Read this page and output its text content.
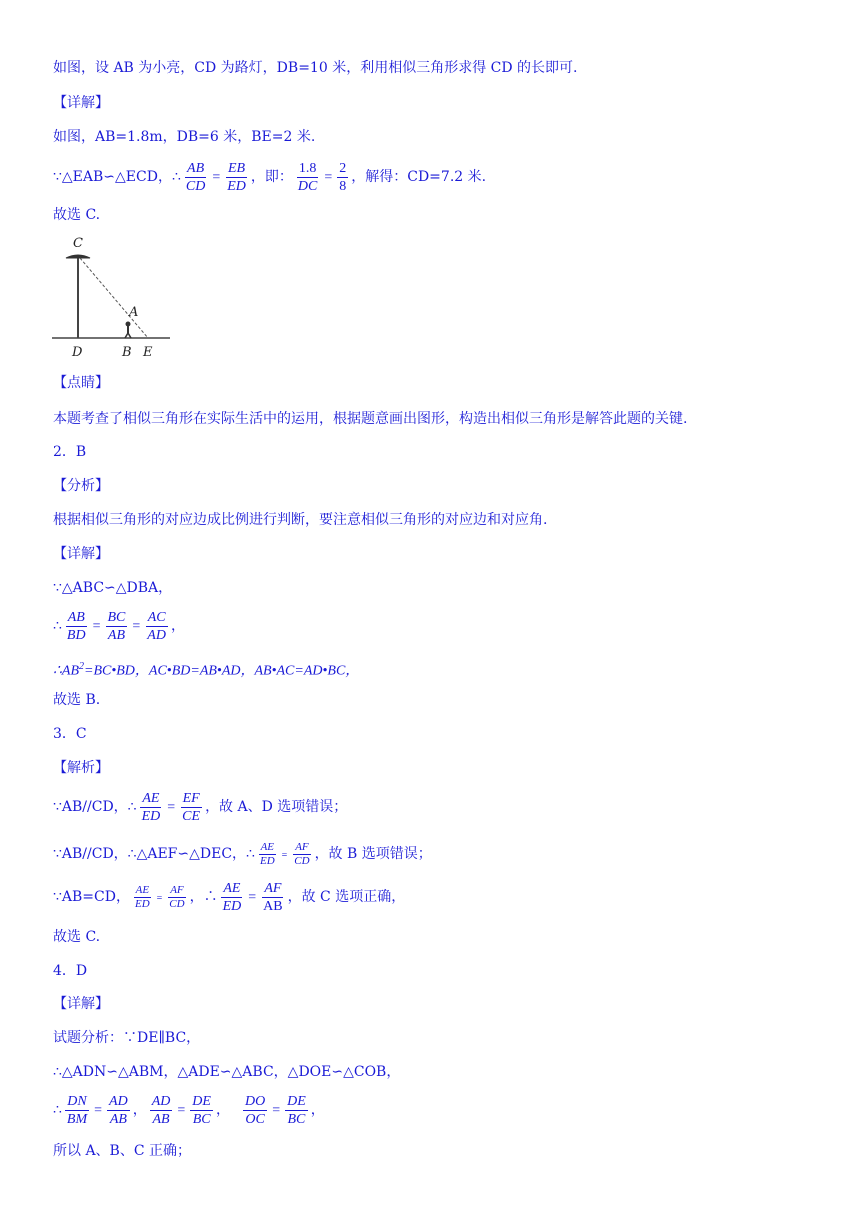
如图，设 AB 为小亮，CD 为路灯，DB=10 米，利用相似三角形求得 CD 的长即可.
【详解】
如图，AB=1.8m，DB=6 米，BE=2 米.
∵△EAB∽△ECD，∴ $\frac{AB}{CD} = \frac{EB}{ED}$ ，即： $\frac{1.8}{DC} = \frac{2}{8}$ ，解得：CD=7.2 米.
故选 C.
C
A
D	B E
【点睛】
本题考查了相似三角形在实际生活中的运用，根据题意画出图形，构造出相似三角形是解答此题的关键.
2．B
【分析】
根据相似三角形的对应边成比例进行判断，要注意相似三角形的对应边和对应角.
【详解】
∵△ABC∽△DBA，
∴ $\frac{AB}{BD} = \frac{BC}{AB} = \frac{AC}{AD}$ ，
$\therefore AB^2=BC•BD$，AC•BD=AB•AD，AB•AC=AD•BC，
故选 B.
3．C
【解析】
∵AB//CD，∴ $\frac{AE}{ED} = \frac{EF}{CE}$ ，故 A、D 选项错误；
∵AB//CD，∴△AEF∽△DEC，∴ $\frac{AE}{ED} = \frac{AF}{CD}$ ，故 B 选项错误；
∵AB=CD， $\frac{AE}{ED} = \frac{AF}{CD}$ ，∴ $\frac{AE}{ED} = \frac{AF}{AB}$ ，故 C 选项正确，
故选 C.
4．D
【详解】
试题分析：∵DE∥BC，
∴△ADN∽△ABM，△ADE∽△ABC，△DOE∽△COB，
∴ $\frac{DN}{BM} = \frac{AD}{AB}$ ， $\frac{AD}{AB} = \frac{DE}{BC}$ ， $\frac{DO}{OC} = \frac{DE}{BC}$ ，
所以 A、B、C 正确；
